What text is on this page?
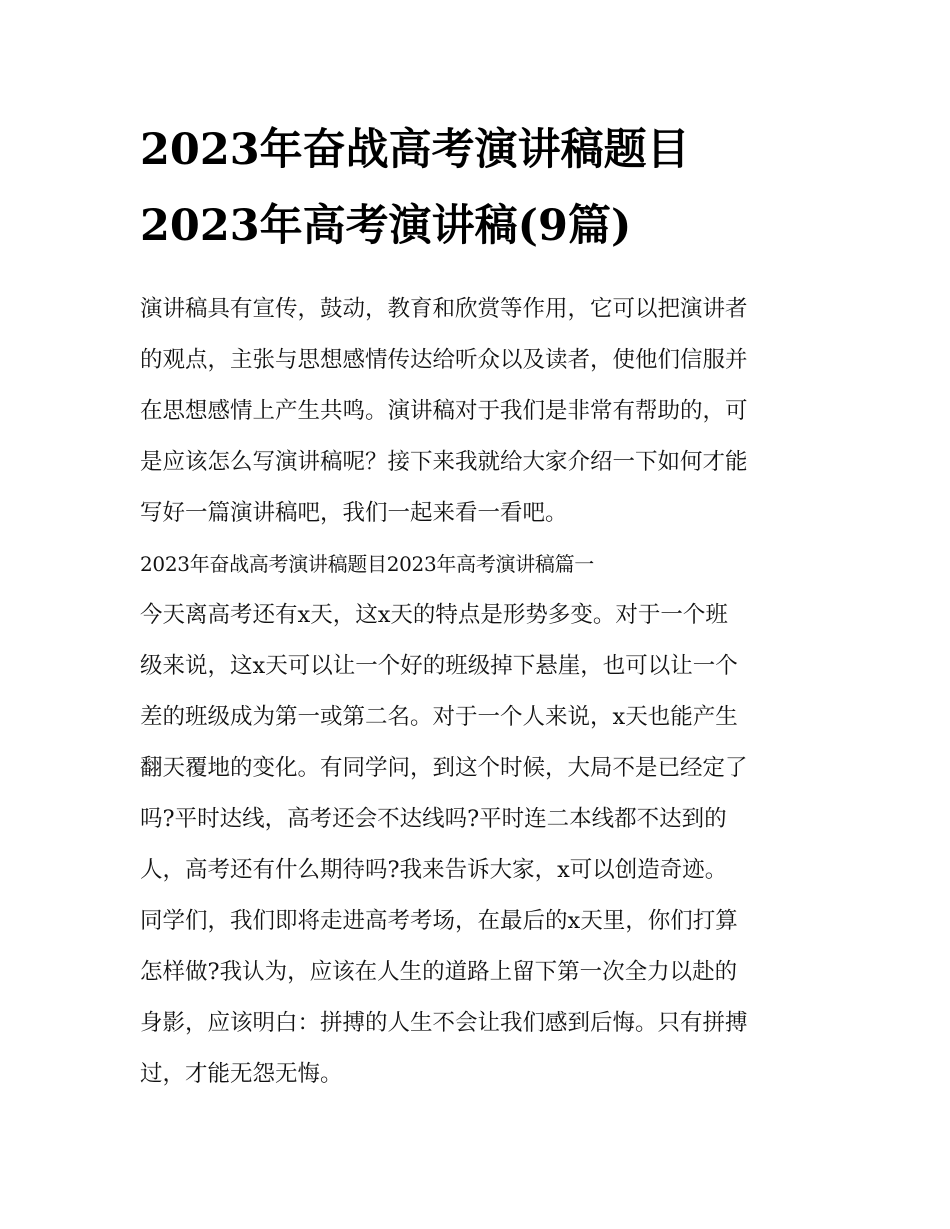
2023年奋战高考演讲稿题目
2023年高考演讲稿(9篇)
演讲稿具有宣传，鼓动，教育和欣赏等作用，它可以把演讲者
的观点，主张与思想感情传达给听众以及读者，使他们信服并
在思想感情上产生共鸣。演讲稿对于我们是非常有帮助的，可
是应该怎么写演讲稿呢？接下来我就给大家介绍一下如何才能
写好一篇演讲稿吧，我们一起来看一看吧。
2023年奋战高考演讲稿题目2023年高考演讲稿篇一
今天离高考还有x天，这x天的特点是形势多变。对于一个班
级来说，这x天可以让一个好的班级掉下悬崖，也可以让一个
差的班级成为第一或第二名。对于一个人来说，x天也能产生
翻天覆地的变化。有同学问，到这个时候，大局不是已经定了
吗?平时达线，高考还会不达线吗?平时连二本线都不达到的
人，高考还有什么期待吗?我来告诉大家，x可以创造奇迹。
同学们，我们即将走进高考考场，在最后的x天里，你们打算
怎样做?我认为，应该在人生的道路上留下第一次全力以赴的
身影，应该明白：拼搏的人生不会让我们感到后悔。只有拼搏
过，才能无怨无悔。
